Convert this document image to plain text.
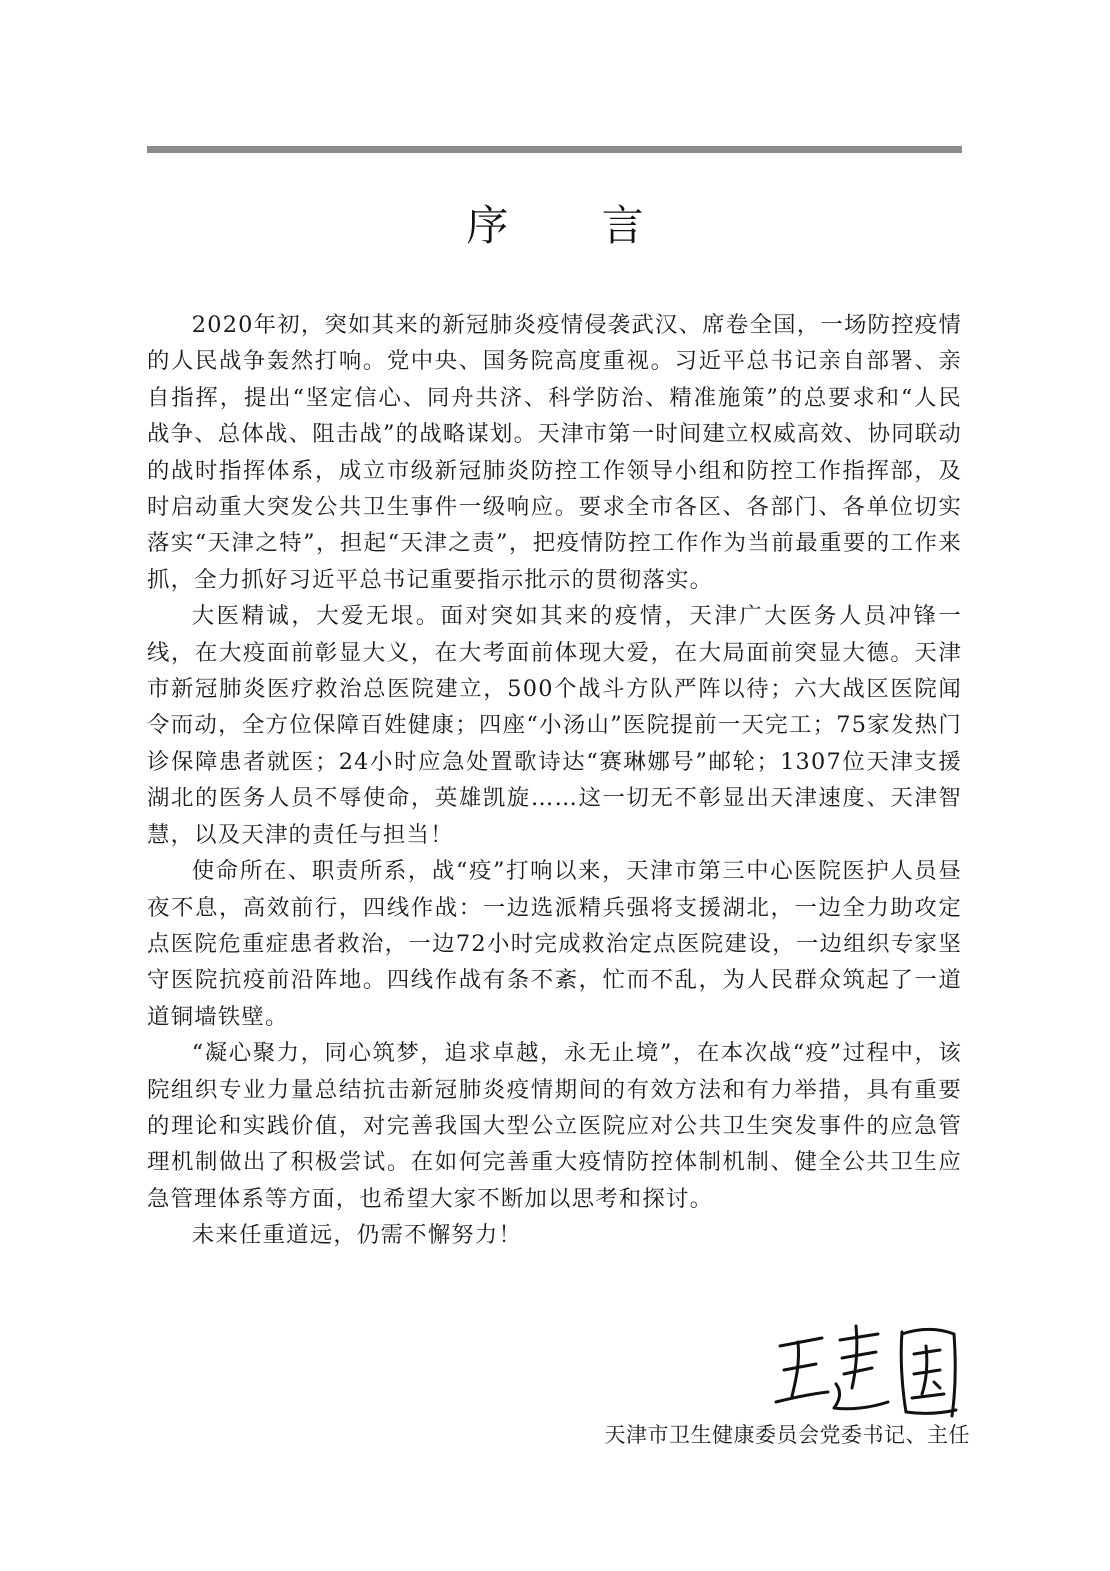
序 言

2020年初，突如其来的新冠肺炎疫情侵袭武汉、席卷全国，一场防控疫情的人民战争轰然打响。党中央、国务院高度重视。习近平总书记亲自部署、亲自指挥，提出“坚定信心、同舟共济、科学防治、精准施策”的总要求和“人民战争、总体战、阻击战”的战略谋划。天津市第一时间建立权威高效、协同联动的战时指挥体系，成立市级新冠肺炎防控工作领导小组和防控工作指挥部，及时启动重大突发公共卫生事件一级响应。要求全市各区、各部门、各单位切实落实“天津之特”，担起“天津之责”，把疫情防控工作作为当前最重要的工作来抓，全力抓好习近平总书记重要指示批示的贯彻落实。

大医精诚，大爱无垠。面对突如其来的疫情，天津广大医务人员冲锋一线，在大疫面前彰显大义，在大考面前体现大爱，在大局面前突显大德。天津市新冠肺炎医疗救治总医院建立，500个战斗方队严阵以待；六大战区医院闻令而动，全方位保障百姓健康；四座“小汤山”医院提前一天完工；75家发热门诊保障患者就医；24小时应急处置歌诗达“赛琳娜号”邮轮；1307位天津支援湖北的医务人员不辱使命，英雄凯旋……这一切无不彰显出天津速度、天津智慧，以及天津的责任与担当！

使命所在、职责所系，战“疫”打响以来，天津市第三中心医院医护人员昼夜不息，高效前行，四线作战：一边选派精兵强将支援湖北，一边全力助攻定点医院危重症患者救治，一边72小时完成救治定点医院建设，一边组织专家坚守医院抗疫前沿阵地。四线作战有条不紊，忙而不乱，为人民群众筑起了一道道铜墙铁壁。

“凝心聚力，同心筑梦，追求卓越，永无止境”，在本次战“疫”过程中，该院组织专业力量总结抗击新冠肺炎疫情期间的有效方法和有力举措，具有重要的理论和实践价值，对完善我国大型公立医院应对公共卫生突发事件的应急管理机制做出了积极尝试。在如何完善重大疫情防控体制机制、健全公共卫生应急管理体系等方面，也希望大家不断加以思考和探讨。

未来任重道远，仍需不懈努力！

天津市卫生健康委员会党委书记、主任
